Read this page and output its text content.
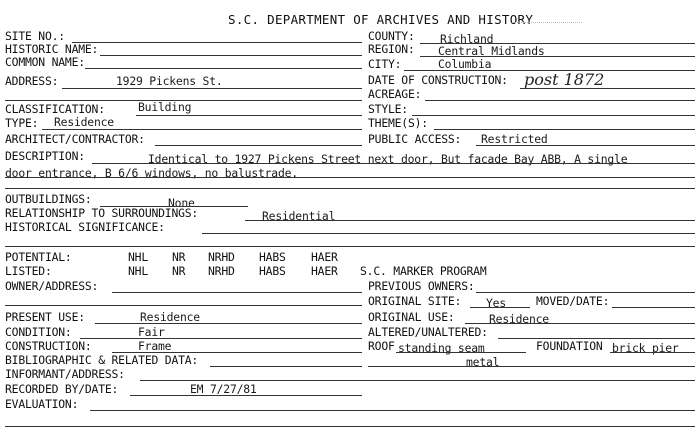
S.C. DEPARTMENT OF ARCHIVES AND HISTORY
SITE NO.:
HISTORIC NAME:
COMMON NAME:
ADDRESS:	1929 Pickens St.
CLASSIFICATION:	Building
TYPE: Residence
ARCHITECT/CONTRACTOR:
COUNTY: Richland
REGION: Central Midlands
CITY:	Columbia
DATE OF CONSTRUCTION: post 1872
ACREAGE:
STYLE:
THEME(S):
PUBLIC ACCESS: Restricted
DESCRIPTION:	Identical to 1927 Pickens Street next door, But facade Bay ABB, A single
door entrance, B 6/6 windows, no balustrade.
OUTBUILDINGS:	None
RELATIONSHIP TO SURROUNDINGS:	Residential
HISTORICAL SIGNIFICANCE:
POTENTIAL:	NHL NR NRHD HABS HAER
LISTED:	NHL NR NRHD HABS HAER S.C. MARKER PROGRAM
OWNER/ADDRESS:	PREVIOUS OWNERS:
ORIGINAL SITE: Yes	MOVED/DATE:
PRESENT USE:	Residence
CONDITION:	Fair
CONSTRUCTION:	Frame
BIBLIOGRAPHIC & RELATED DATA:
INFORMANT/ADDRESS:
RECORDED BY/DATE:	EM 7/27/81
EVALUATION:
ORIGINAL USE:	Residence
ALTERED/UNALTERED:
ROOF standing seam
metal
FOUNDATION brick pier
